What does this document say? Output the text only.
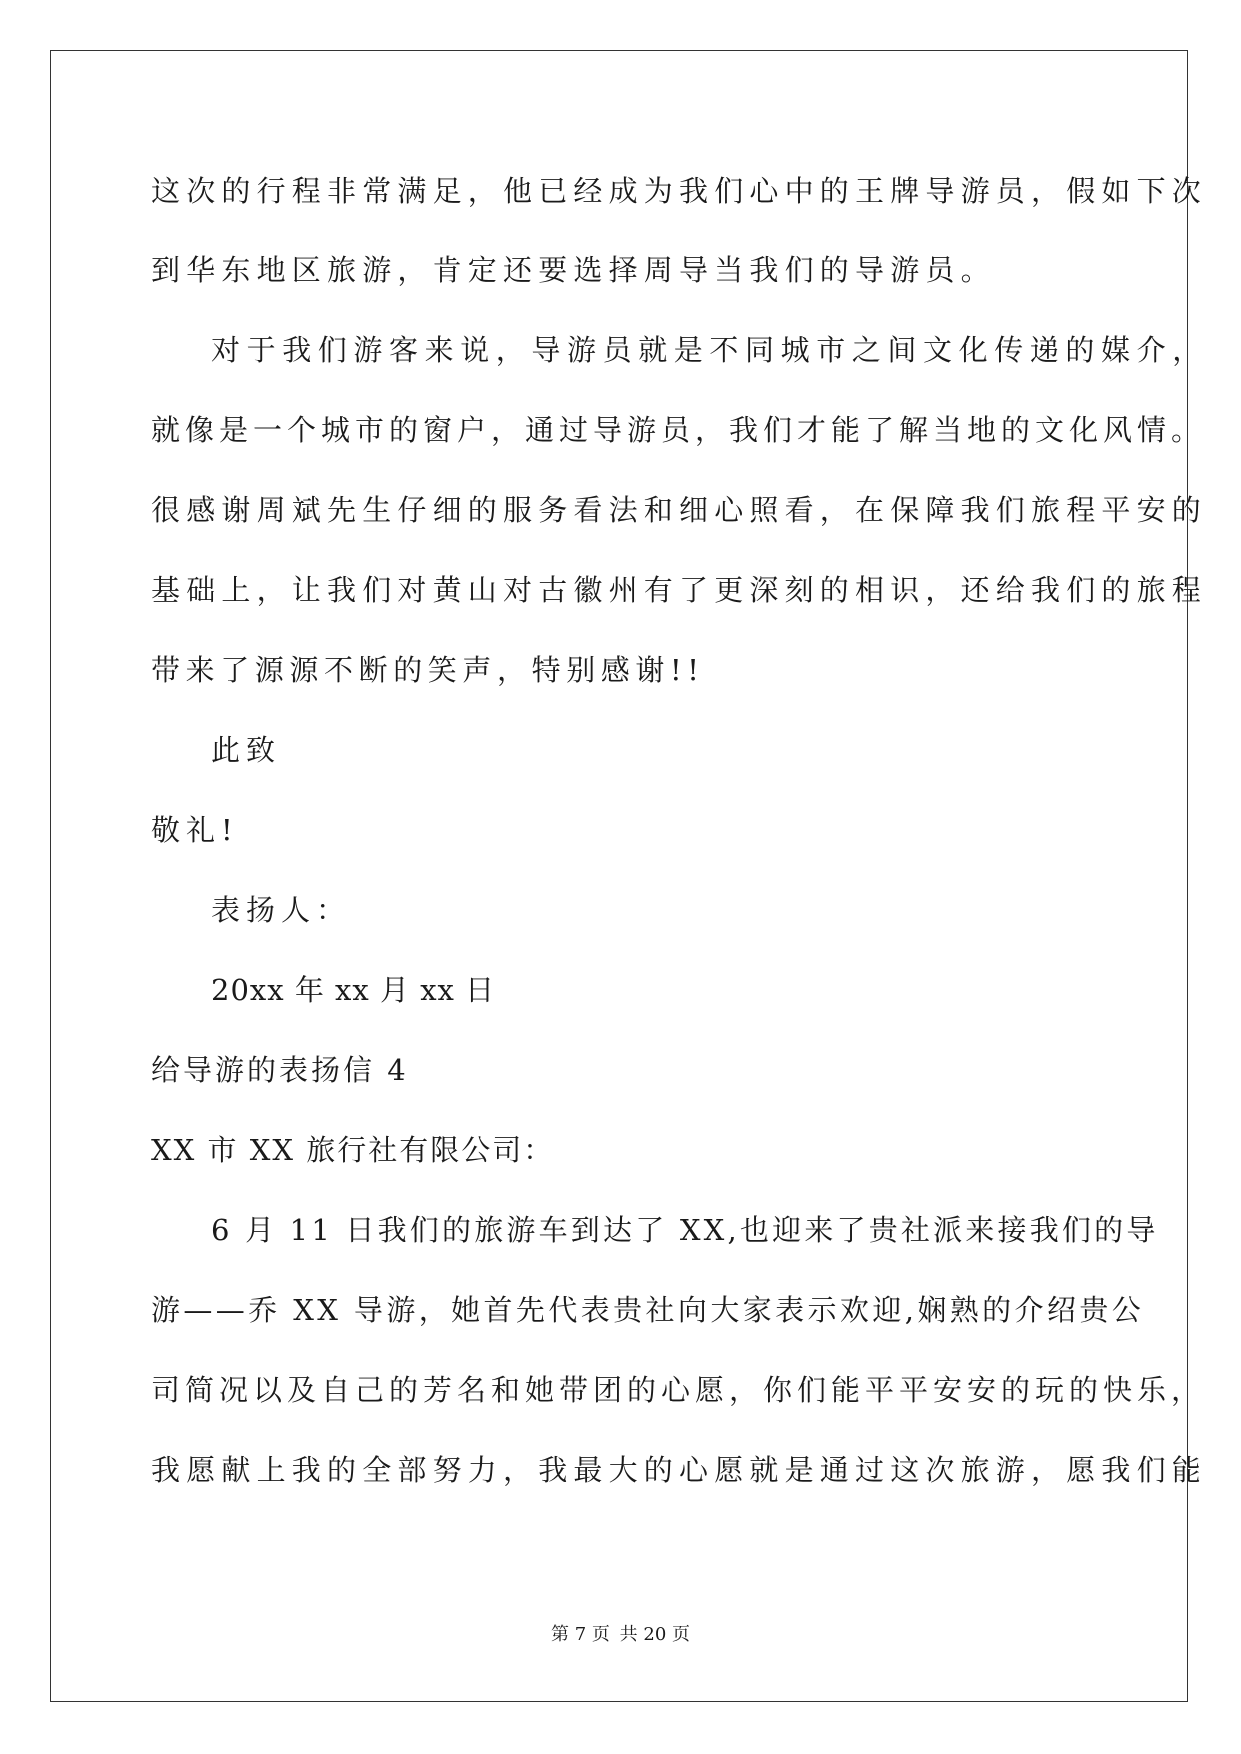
这次的行程非常满足，他已经成为我们心中的王牌导游员，假如下次
到华东地区旅游，肯定还要选择周导当我们的导游员。
对于我们游客来说，导游员就是不同城市之间文化传递的媒介，
就像是一个城市的窗户，通过导游员，我们才能了解当地的文化风情。
很感谢周斌先生仔细的服务看法和细心照看，在保障我们旅程平安的
基础上，让我们对黄山对古徽州有了更深刻的相识，还给我们的旅程
带来了源源不断的笑声，特别感谢!!
此致
敬礼!
表扬人：
20xx 年 xx 月 xx 日
给导游的表扬信 4
XX 市 XX 旅行社有限公司：
6 月 11 日我们的旅游车到达了 XX,也迎来了贵社派来接我们的导
游——乔 XX 导游，她首先代表贵社向大家表示欢迎,娴熟的介绍贵公
司简况以及自己的芳名和她带团的心愿，你们能平平安安的玩的快乐，
我愿献上我的全部努力，我最大的心愿就是通过这次旅游，愿我们能
第 7 页 共 20 页
